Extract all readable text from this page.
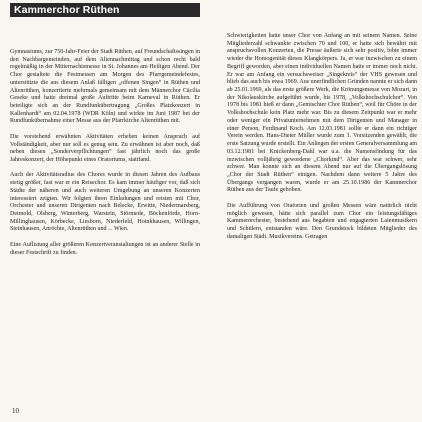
Kammerchor Rüthen

Gymnasiums, zur 750-Jahr-Feier der Stadt Rüthen, auf Freundschaftssingen in den Nachbargemeinden, auf dem Altennachmittag und schon recht bald regelmäßig in der Mitternachtsmesse in St. Johannes am Heiligen Abend. Der Chor gestaltete die Festmessen am Morgen des Pfarrgemeindefestes, unterstützte die aus diesem Anlaß fälligen „offenen Singen“ in Rüthen und Altenrüthen, konzertierte mehrmals gemeinsam mit dem Männerchor Cäcilia Geseke und hatte dreimal große Auftritte beim Karneval in Rüthen. Er beteiligte sich an der Rundfunkübertragung „Großes Platzkonzert in Kallenhardt“ am 02.04.1978 (WDR Köln) und wirkte im Juni 1987 bei der Rundfunkübernahme einer Messe aus der Pfarrkirche Altenrüthen mit.

Die vorstehend erwähnten Aktivitäten erheben keinen Anspruch auf Vollständigkeit, aber nur soll es genug sein. Zu erwähnen ist aber noch, daß neben diesen „Sonderverpflichtungen“ fast jährlich noch das große Jahreskonzert, der Höhepunkt eines Oratoriums, stattfand.

Auch der Aktivitätsradius des Chores wurde in diesen Jahren des Aufbaus stetig größer, fast war er ein Reisechor. Es kam immer häufiger vor, daß sich Städte der näheren und auch weiteren Umgebung an unseren Konzerten interessiert zeigten. Wir folgten ihren Einladungen und reisten mit Chor, Orchester und unseren Dirigenten nach Belecke, Erwitte, Niedermarsberg, Detmold, Olsberg, Winterberg, Warstein, Störmede, Böckenförde, Horn-Millinghausen, Körbecke, Liesborn, Niederfeld, Hoinkhausen, Willingen, Steinhausen, Anröchte, Altenrüthen und ... Wien.

Eine Auflistung aller größeren Konzertveranstaltungen ist an anderer Stelle in dieser Festschrift zu finden.

Schwierigkeiten hatte unser Chor von Anfang an mit seinem Namen. Seine Mitgliederzahl schwankte zwischen 70 und 100, er hatte sich bewährt mit anspruchsvollen Konzerten, die Presse äußerte sich sehr positiv, lobte immer wieder die Homogenität dieses Klangkörpers. Ja, er war inzwischen zu einem Begriff geworden, aber einen individuellen Namen hatte er immer noch nicht. Er war am Anfang ein versuchsweiser „Singekreis“ der VHS gewesen und blieb das auch bis etwa 1969. Aus unerfindlichen Gründen nannte er sich dann ab 25.01.1969, als das erste größere Werk, die Krönungsmesse von Mozart, in der Nikolauskirche aufgeführt wurde, bis 1978, „Volkshochschulchor“. Von 1978 bis 1981 hieß er dann „Gemischter Chor Rüthen“, weil für Chöre in der Volkshochschule kein Platz mehr war. Bis zu diesem Zeitpunkt war er mehr oder weniger ein Privatunternehmen mit dem Dirigenten und Manager in einer Person, Ferdinand Koch. Am 12.03.1981 sollte er dann ein richtiger Verein werden. Hans-Dieter Müller wurde zum 1. Vorsitzenden gewählt, die erste Satzung wurde erstellt. Ein Anliegen der ersten Generalversammlung am 03.12.1981 bei Knickenberg-Dahl war u.a. die Namensfindung für das inzwischen volljährig gewordene „Chorkind“. Aber das war schwer, sehr schwer. Man konnte sich an diesem Abend nur auf die Übergangslösung „Chor der Stadt Rüthen“ einigen. Nachdem dann weitere 5 Jahre des Übergangs vergangen waren, wurde er am 25.10.1986 der Kammerchor Rüthen aus der Taufe gehoben.

Die Aufführung von Oratorien und großen Messen wäre natürlich nicht möglich gewesen, hätte sich parallel zum Chor ein leistungsfähiges Kammerorchester, bestehend aus begabten und engagierten Laienmusikern und Schülern, entstanden wäre. Den Grundstock bildeten Mitglieder des damaligen Städt. Musikvereins. Getragen

10
